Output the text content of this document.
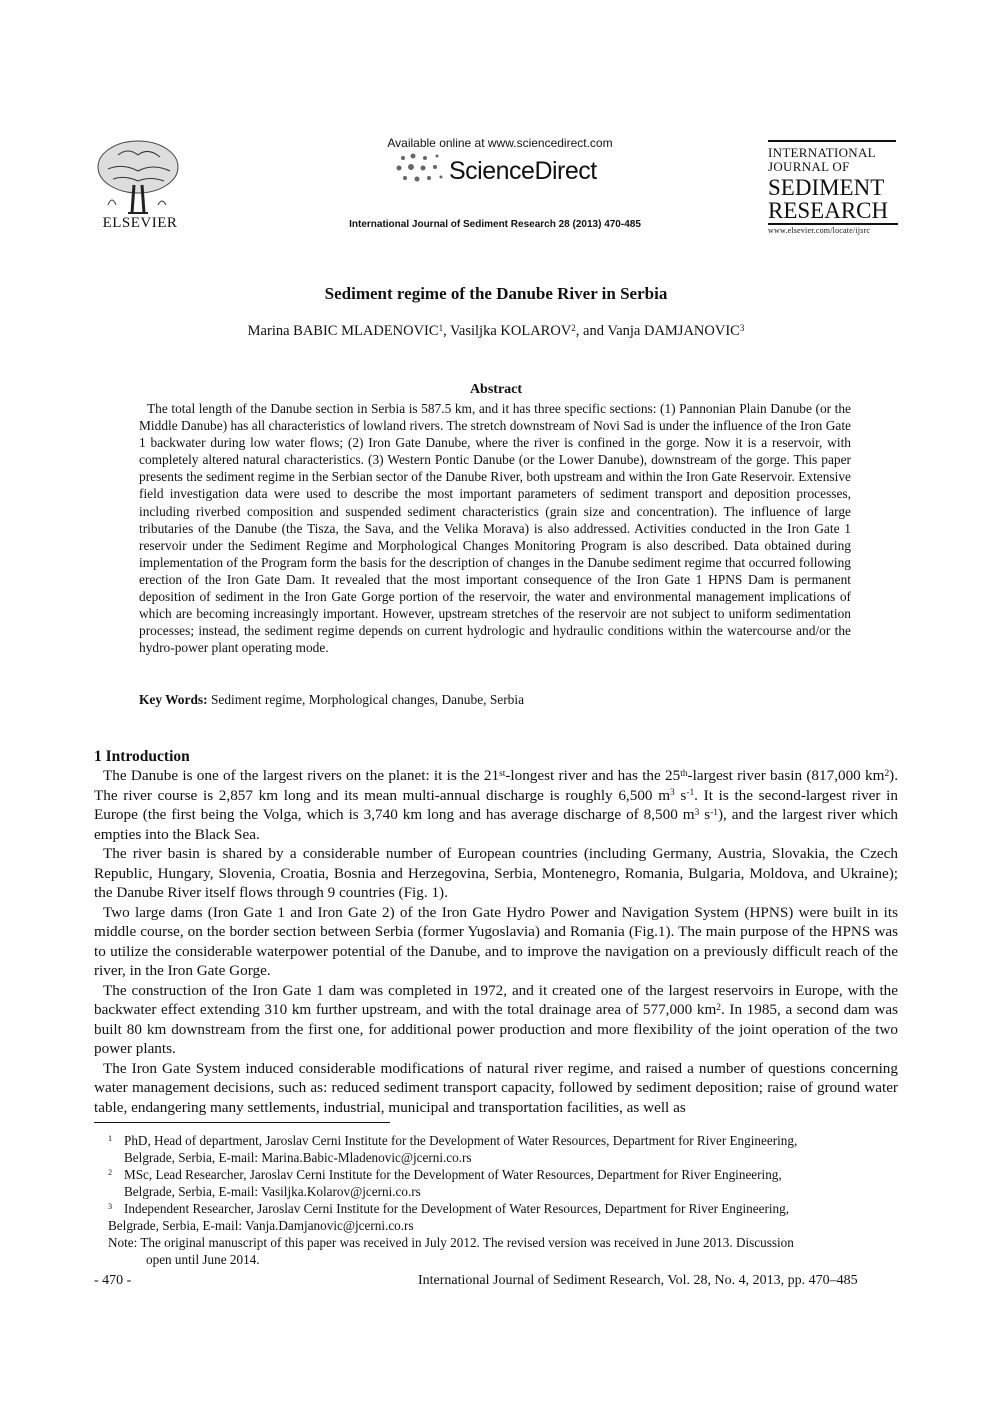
ELSEVIER
Available online at www.sciencedirect.com
ScienceDirect
International Journal of Sediment Research 28 (2013) 470-485
INTERNATIONAL
JOURNAL OF
SEDIMENT
RESEARCH
www.elsevier.com/locate/ijsrc
Sediment regime of the Danube River in Serbia
Marina BABIC MLADENOVIC$^1$, Vasiljka KOLAROV$^2$, and Vanja DAMJANOVIC$^3$
Abstract

The total length of the Danube section in Serbia is 587.5 km, and it has three specific sections: (1) Pannonian Plain Danube (or the Middle Danube) has all characteristics of lowland rivers. The stretch downstream of Novi Sad is under the influence of the Iron Gate 1 backwater during low water flows; (2) Iron Gate Danube, where the river is confined in the gorge. Now it is a reservoir, with completely altered natural characteristics. (3) Western Pontic Danube (or the Lower Danube), downstream of the gorge. This paper presents the sediment regime in the Serbian sector of the Danube River, both upstream and within the Iron Gate Reservoir. Extensive field investigation data were used to describe the most important parameters of sediment transport and deposition processes, including riverbed composition and suspended sediment characteristics (grain size and concentration). The influence of large tributaries of the Danube (the Tisza, the Sava, and the Velika Morava) is also addressed. Activities conducted in the Iron Gate 1 reservoir under the Sediment Regime and Morphological Changes Monitoring Program is also described. Data obtained during implementation of the Program form the basis for the description of changes in the Danube sediment regime that occurred following erection of the Iron Gate Dam. It revealed that the most important consequence of the Iron Gate 1 HPNS Dam is permanent deposition of sediment in the Iron Gate Gorge portion of the reservoir, the water and environmental management implications of which are becoming increasingly important. However, upstream stretches of the reservoir are not subject to uniform sedimentation processes; instead, the sediment regime depends on current hydrologic and hydraulic conditions within the watercourse and/or the hydro-power plant operating mode.

Key Words: Sediment regime, Morphological changes, Danube, Serbia
1 Introduction

The Danube is one of the largest rivers on the planet: it is the 21st-longest river and has the 25th-largest river basin (817,000 $km^2$). The river course is 2,857 km long and its mean multi-annual discharge is roughly 6,500 $m^3$ $s^{-1}$. It is the second-largest river in Europe (the first being the Volga, which is 3,740 km long and has average discharge of 8,500 $m^3$ $s^{-1}$), and the largest river which empties into the Black Sea.

The river basin is shared by a considerable number of European countries (including Germany, Austria, Slovakia, the Czech Republic, Hungary, Slovenia, Croatia, Bosnia and Herzegovina, Serbia, Montenegro, Romania, Bulgaria, Moldova, and Ukraine); the Danube River itself flows through 9 countries (Fig. 1).

Two large dams (Iron Gate 1 and Iron Gate 2) of the Iron Gate Hydro Power and Navigation System (HPNS) were built in its middle course, on the border section between Serbia (former Yugoslavia) and Romania (Fig.1). The main purpose of the HPNS was to utilize the considerable waterpower potential of the Danube, and to improve the navigation on a previously difficult reach of the river, in the Iron Gate Gorge.

The construction of the Iron Gate 1 dam was completed in 1972, and it created one of the largest reservoirs in Europe, with the backwater effect extending 310 km further upstream, and with the total drainage area of 577,000 $km^2$. In 1985, a second dam was built 80 km downstream from the first one, for additional power production and more flexibility of the joint operation of the two power plants.

The Iron Gate System induced considerable modifications of natural river regime, and raised a number of questions concerning water management decisions, such as: reduced sediment transport capacity, followed by sediment deposition; raise of ground water table, endangering many settlements, industrial, municipal and transportation facilities, as well as

$^1$ PhD, Head of department, Jaroslav Cerni Institute for the Development of Water Resources, Department for River Engineering,
Belgrade, Serbia, E-mail: Marina.Babic-Mladenovic@jcerni.co.rs
$^2$ MSc, Lead Researcher, Jaroslav Cerni Institute for the Development of Water Resources, Department for River Engineering,
Belgrade, Serbia, E-mail: Vasiljka.Kolarov@jcerni.co.rs
$^3$ Independent Researcher, Jaroslav Cerni Institute for the Development of Water Resources, Department for River Engineering,
Belgrade, Serbia, E-mail: Vanja.Damjanovic@jcerni.co.rs
Note: The original manuscript of this paper was received in July 2012. The revised version was received in June 2013. Discussion
open until June 2014.
- 470 -	International Journal of Sediment Research, Vol. 28, No. 4, 2013, pp. 470–485
